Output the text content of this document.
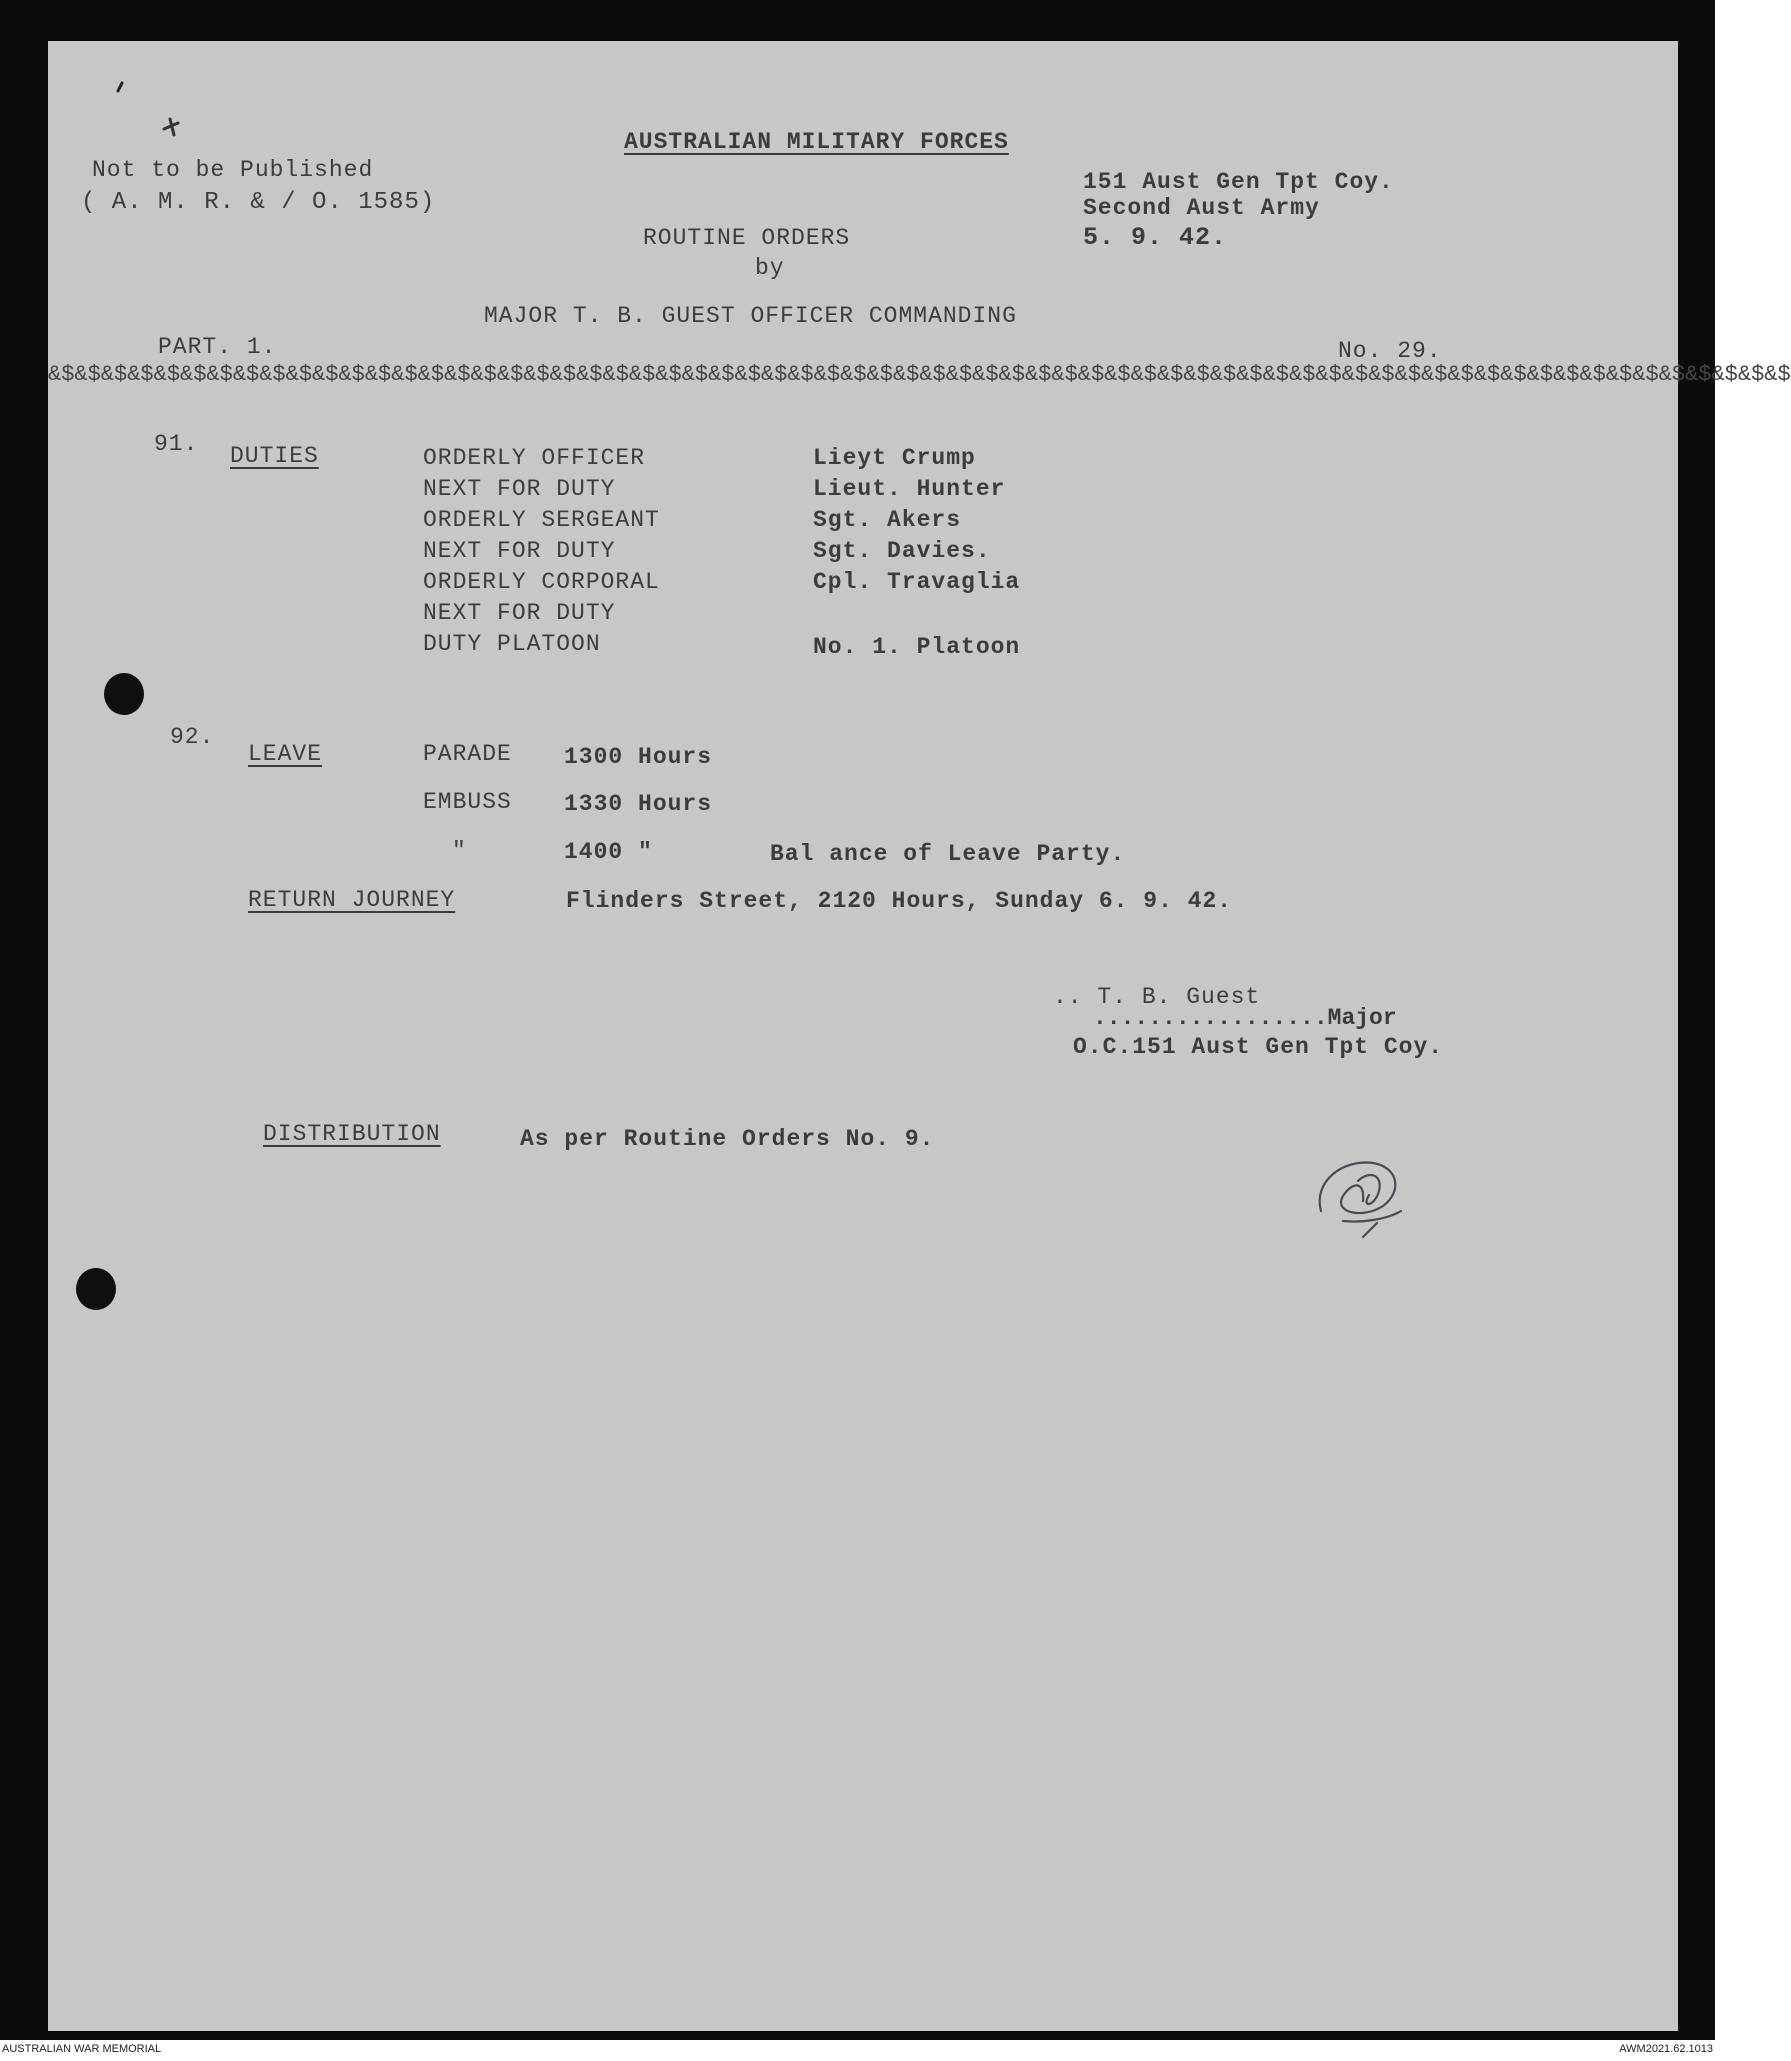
Not to be Published
( A. M. R. & / O. 1585)
AUSTRALIAN MILITARY FORCES
ROUTINE ORDERS
by
MAJOR T. B. GUEST OFFICER COMMANDING
151 Aust Gen Tpt Coy.
Second Aust Army
5. 9. 42.
PART. 1.	No. 29.
&$&$&$&$&$&$&$&$&$&$&$&$&$&$&$&$&$&$&$&$&$&$&$&$&$&$&$&$&$&$&$&$&$&$&$&$&$&$&$&$&$&$&$&$&$&$&$&$&$&$&$&$&$&$&$&$&$&$&$&$&$&$&$&$&$&$
91. DUTIES	ORDERLY OFFICER	Lieyt Crump
NEXT FOR DUTY	Lieut. Hunter
ORDERLY SERGEANT	Sgt. Akers
NEXT FOR DUTY	Sgt. Davies.
ORDERLY CORPORAL	Cpl. Travaglia
NEXT FOR DUTY
DUTY PLATOON	No. 1. Platoon
92.
LEAVE	PARADE 1300 Hours
EMBUSS 1330 Hours
"	1400 "	Bal ance of Leave Party.
RETURN JOURNEY	Flinders Street, 2120 Hours, Sunday 6. 9. 42.
.. T. B. Guest
.................Major
O.C.151 Aust Gen Tpt Coy.
DISTRIBUTION	As per Routine Orders No. 9.
AUSTRALIAN WAR MEMORIAL	AWM2021.62.1013
